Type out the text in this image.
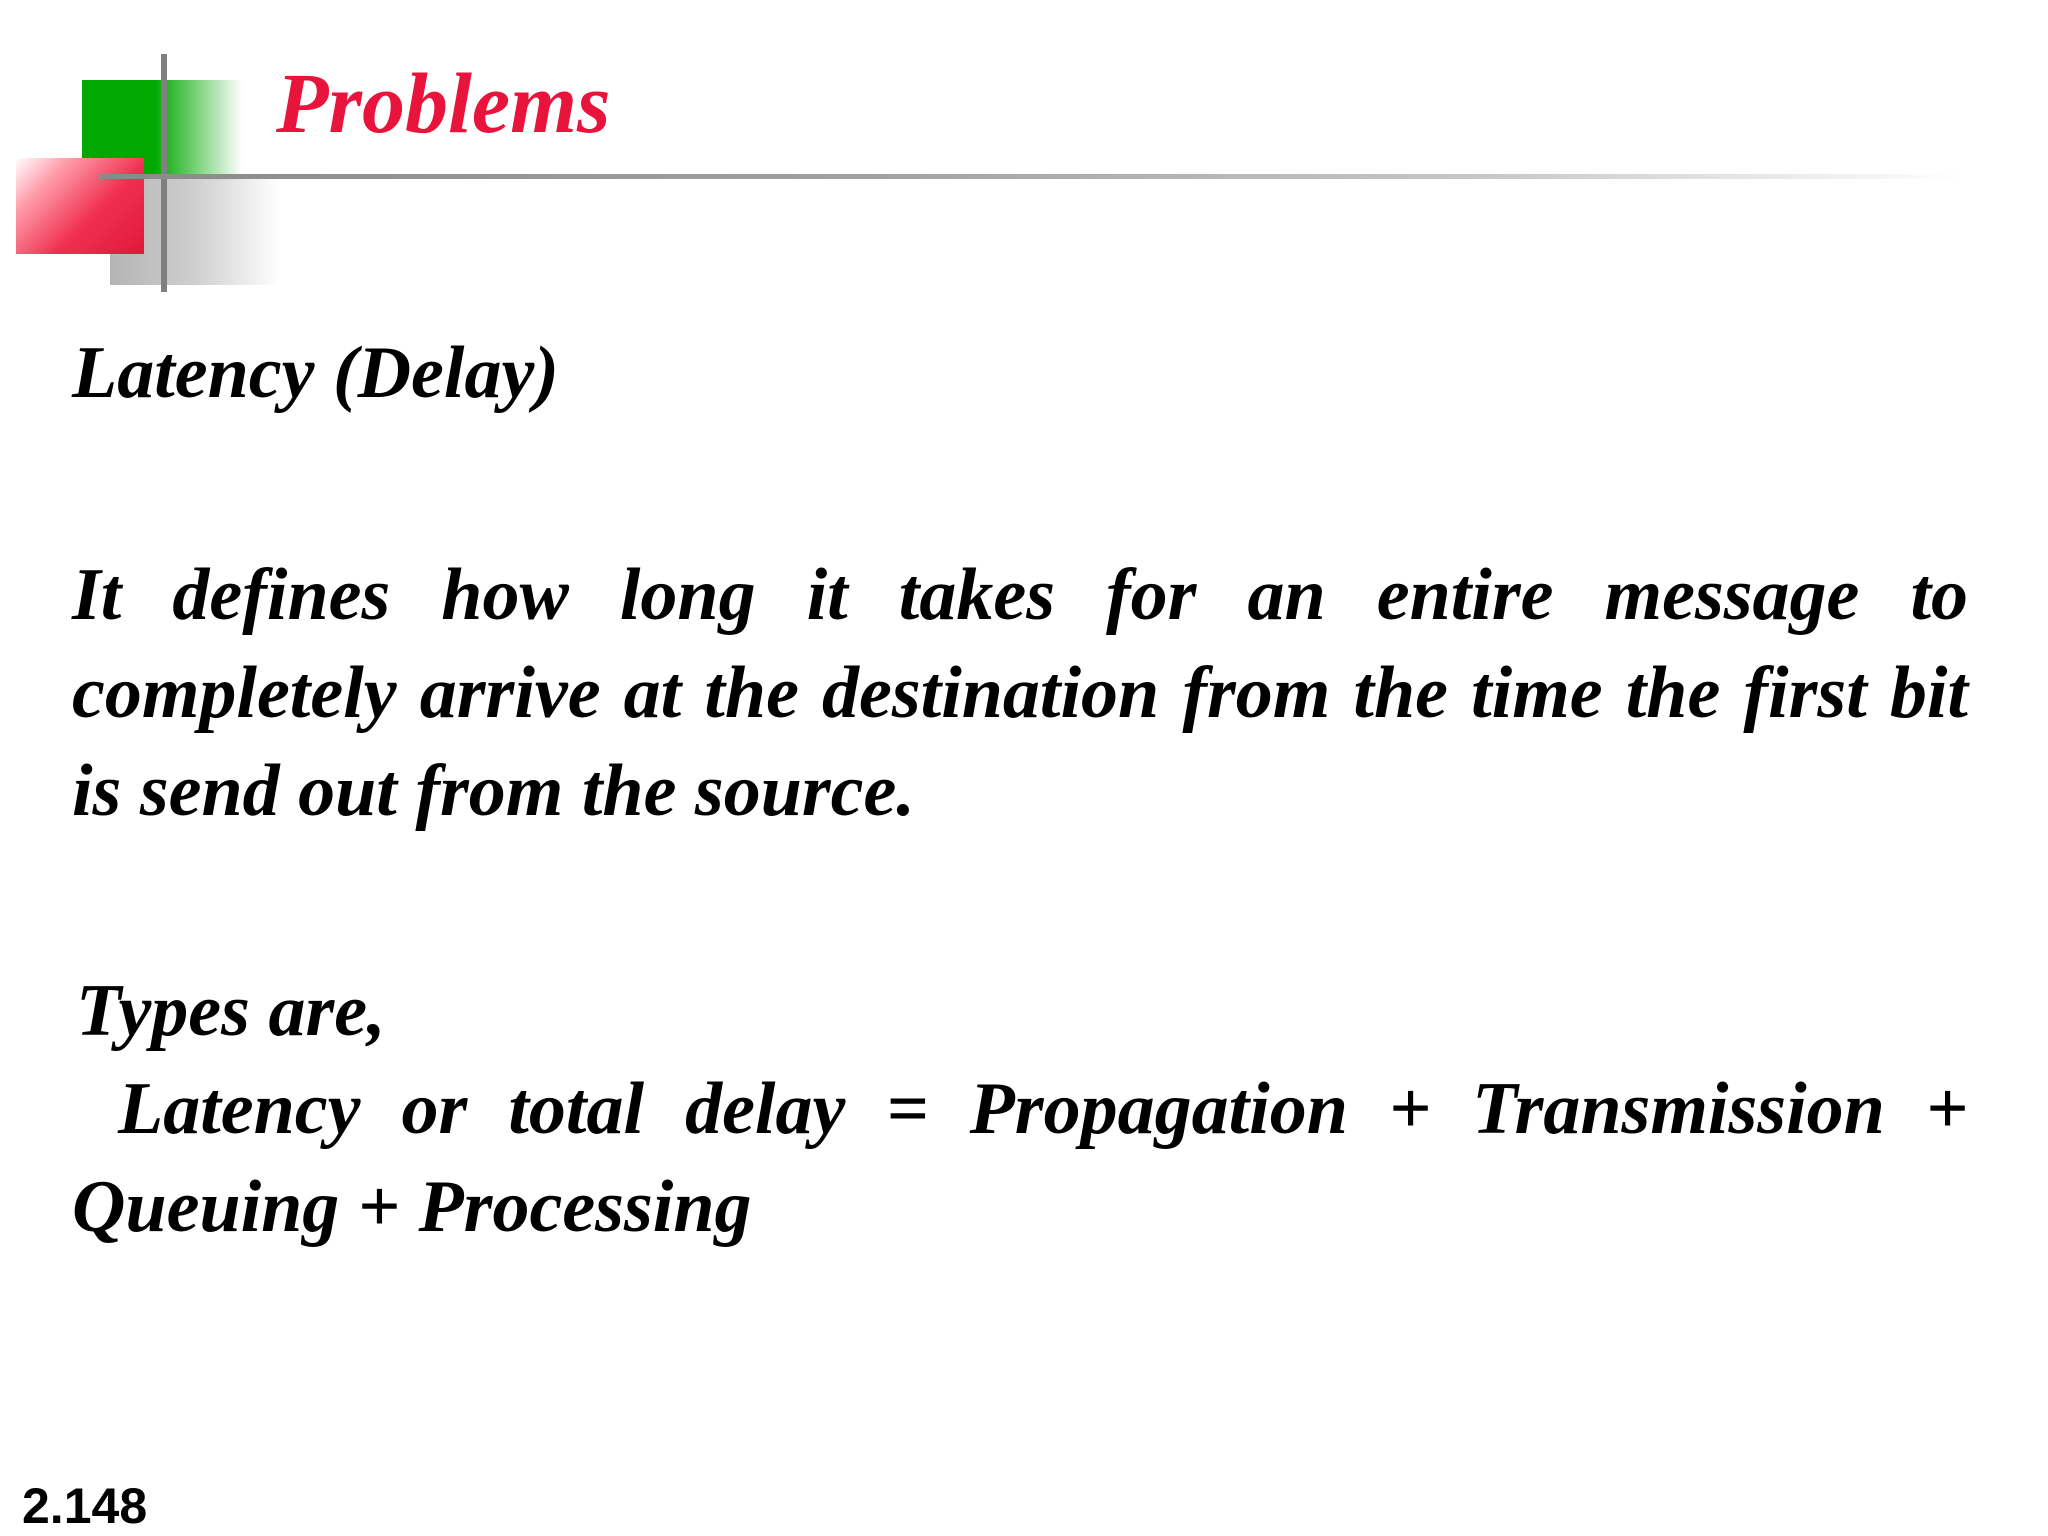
Problems

Latency (Delay)

It defines how long it takes for an entire message to completely arrive at the destination from the time the first bit is send out from the source.

Types are,

Latency or total delay = Propagation + Transmission + Queuing + Processing

2.148
